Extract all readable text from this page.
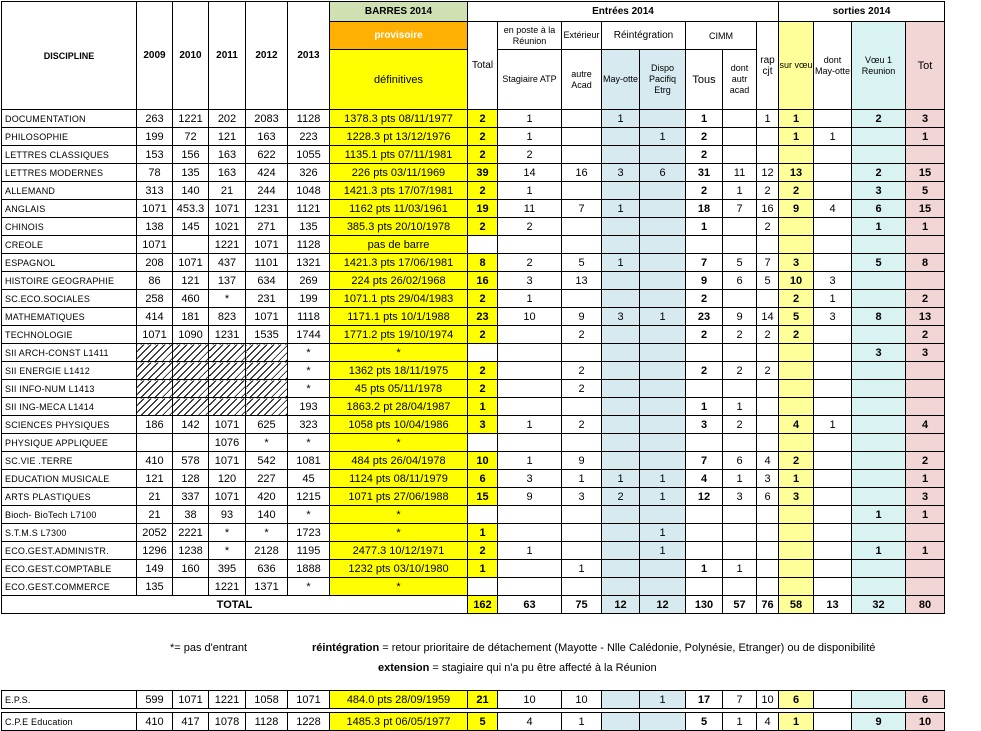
DISCIPLINE	2009	2010	2011	2012	2013	BARRES 2014	Entrées 2014								sorties 2014			
						provisoire	Total	en poste à la Réunion	Extérieur	Réintégration		CIMM		rap cjt	sur vœu	dont May-otte	Vœu 1 Reunion	Tot
						définitives		Stagiaire ATP	autre Acad	May-otte	Dispo Pacifiq Etrg	Tous	dont autr acad					
DOCUMENTATION	263	1221	202	2083	1128	1378.3 pts 08/11/1977	2	1		1		1		1	1		2	3
PHILOSOPHIE	199	72	121	163	223	1228.3 pt 13/12/1976	2	1			1	2			1	1		1
LETTRES CLASSIQUES	153	156	163	622	1055	1135.1 pts 07/11/1981	2	2				2						
LETTRES MODERNES	78	135	163	424	326	226 pts 03/11/1969	39	14	16	3	6	31	11	12	13		2	15
ALLEMAND	313	140	21	244	1048	1421.3 pts 17/07/1981	2	1				2	1	2	2		3	5
ANGLAIS	1071	453.3	1071	1231	1121	1162 pts 11/03/1961	19	11	7	1		18	7	16	9	4	6	15
CHINOIS	138	145	1021	271	135	385.3 pts 20/10/1978	2	2				1		2			1	1
CREOLE	1071		1221	1071	1128	pas de barre												
ESPAGNOL	208	1071	437	1101	1321	1421.3 pts 17/06/1981	8	2	5	1		7	5	7	3		5	8
HISTOIRE GEOGRAPHIE	86	121	137	634	269	224 pts 26/02/1968	16	3	13			9	6	5	10	3		
SC.ECO.SOCIALES	258	460	*	231	199	1071.1 pts 29/04/1983	2	1				2			2	1		2
MATHEMATIQUES	414	181	823	1071	1118	1171.1 pts 10/1/1988	23	10	9	3	1	23	9	14	5	3	8	13
TECHNOLOGIE	1071	1090	1231	1535	1744	1771.2 pts 19/10/1974	2		2			2	2	2	2			2
SII ARCH-CONST L1411					*	*											3	3
SII ENERGIE L1412					*	1362 pts 18/11/1975	2		2			2	2	2				
SII INFO-NUM L1413					*	45 pts 05/11/1978	2		2									
SII ING-MECA L1414					193	1863.2 pt 28/04/1987	1					1	1					
SCIENCES PHYSIQUES	186	142	1071	625	323	1058 pts 10/04/1986	3	1	2			3	2		4	1		4
PHYSIQUE APPLIQUEE			1076	*	*	*												
SC.VIE .TERRE	410	578	1071	542	1081	484 pts 26/04/1978	10	1	9			7	6	4	2			2
EDUCATION MUSICALE	121	128	120	227	45	1124 pts 08/11/1979	6	3	1	1	1	4	1	3	1			1
ARTS PLASTIQUES	21	337	1071	420	1215	1071 pts 27/06/1988	15	9	3	2	1	12	3	6	3			3
Bioch- BioTech L7100	21	38	93	140	*	*											1	1
S.T.M.S L7300	2052	2221	*	*	1723	*	1				1							
ECO.GEST.ADMINISTR.	1296	1238	*	2128	1195	2477.3 10/12/1971	2	1			1						1	1
ECO.GEST.COMPTABLE	149	160	395	636	1888	1232 pts 03/10/1980	1		1			1	1					
ECO.GEST.COMMERCE	135		1221	1371	*	*												
TOTAL							162	63	75	12	12	130	57	76	58	13	32	80
*= pas d'entrant	réintégration = retour prioritaire de détachement (Mayotte - Nlle Calédonie, Polynésie, Etranger) ou de disponibilité
extension = stagiaire qui n'a pu être affecté à la Réunion
E.P.S.	599	1071	1221	1058	1071	484.0 pts 28/09/1959	21	10	10		1	17	7	10	6			6
C.P.E Education	410	417	1078	1128	1228	1485.3 pt 06/05/1977	5	4	1			5	1	4	1		9	10
